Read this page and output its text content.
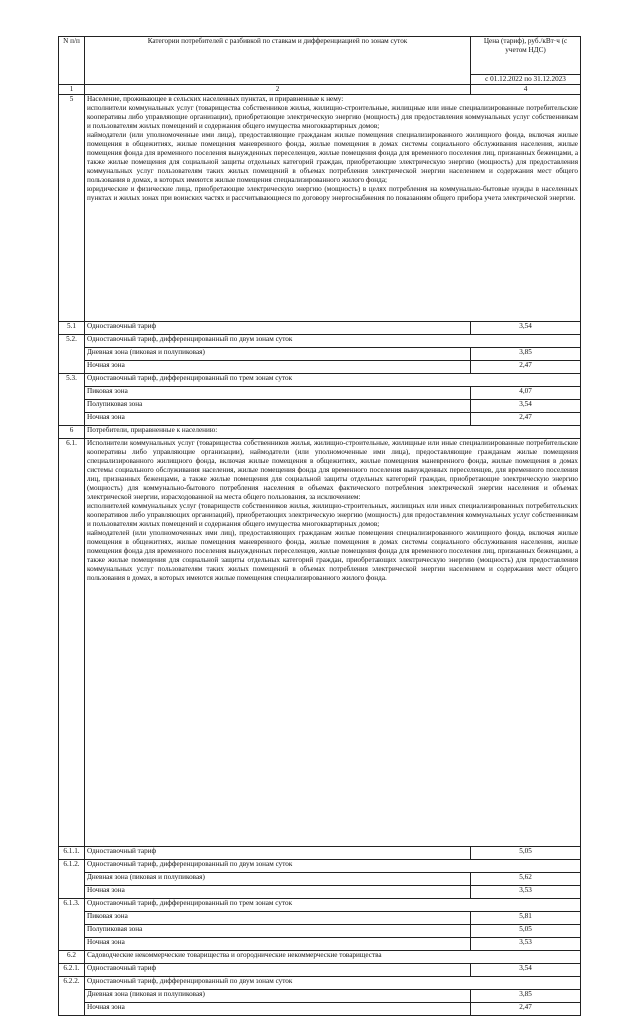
N п/п	Категории потребителей с разбивкой по ставкам и дифференциацией по зонам суток	Цена (тариф), руб./кВт·ч (с учетом НДС)
		с 01.12.2022 по 31.12.2023
1	2	4
5	Население, проживающее в сельских населенных пунктах, и приравненные к нему:
исполнители коммунальных услуг (товарищества собственников жилья, жилищно-строительные, жилищные или иные специализированные потребительские кооперативы либо управляющие организации), приобретающие электрическую энергию (мощность) для предоставления коммунальных услуг собственникам и пользователям жилых помещений и содержания общего имущества многоквартирных домов;
наймодатели (или уполномоченные ими лица), предоставляющие гражданам жилые помещения специализированного жилищного фонда, включая жилые помещения в общежитиях, жилые помещения маневренного фонда, жилые помещения в домах системы социального обслуживания населения, жилые помещения фонда для временного поселения вынужденных переселенцев, жилые помещения фонда для временного поселения лиц, признанных беженцами, а также жилые помещения для социальной защиты отдельных категорий граждан, приобретающие электрическую энергию (мощность) для предоставления коммунальных услуг пользователям таких жилых помещений в объемах потребления электрической энергии населением и содержания мест общего пользования в домах, в которых имеются жилые помещения специализированного жилого фонда;
юридические и физические лица, приобретающие электрическую энергию (мощность) в целях потребления на коммунально-бытовые нужды в населенных пунктах и жилых зонах при воинских частях и рассчитывающиеся по договору энергоснабжения по показаниям общего прибора учета электрической энергии.	
5.1	Одноставочный тариф	3,54
5.2.	Одноставочный тариф, дифференцированный по двум зонам суток	
	Дневная зона (пиковая и полупиковая)	3,85
	Ночная зона	2,47
5.3.	Одноставочный тариф, дифференцированный по трем зонам суток	
	Пиковая зона	4,07
	Полупиковая зона	3,54
	Ночная зона	2,47
6	Потребители, приравненные к населению:	
6.1.	Исполнители коммунальных услуг (товарищества собственников жилья, жилищно-строительные, жилищные или иные специализированные потребительские кооперативы либо управляющие организации), наймодатели (или уполномоченные ими лица), предоставляющие гражданам жилые помещения специализированного жилищного фонда, включая жилые помещения в общежитиях, жилые помещения маневренного фонда, жилые помещения в домах системы социального обслуживания населения, жилые помещения фонда для временного поселения вынужденных переселенцев, для временного поселения лиц, признанных беженцами, а также жилые помещения для социальной защиты отдельных категорий граждан, приобретающие электрическую энергию (мощность) для коммунально-бытового потребления населения в объемах фактического потребления электрической энергии населения и объемах электрической энергии, израсходованной на места общего пользования, за исключением:
исполнителей коммунальных услуг (товариществ собственников жилья, жилищно-строительных, жилищных или иных специализированных потребительских кооперативов либо управляющих организаций), приобретающих электрическую энергию (мощность) для предоставления коммунальных услуг собственникам и пользователям жилых помещений и содержания общего имущества многоквартирных домов;
наймодателей (или уполномоченных ими лиц), предоставляющих гражданам жилые помещения специализированного жилищного фонда, включая жилые помещения в общежитиях, жилые помещения маневренного фонда, жилые помещения в домах системы социального обслуживания населения, жилые помещения фонда для временного поселения вынужденных переселенцев, жилые помещения фонда для временного поселения лиц, признанных беженцами, а также жилые помещения для социальной защиты отдельных категорий граждан, приобретающих электрическую энергию (мощность) для предоставления коммунальных услуг пользователям таких жилых помещений в объемах потребления электрической энергии населением и содержания мест общего пользования в домах, в которых имеются жилые помещения специализированного жилого фонда.	
6.1.1.	Одноставочный тариф	5,05
6.1.2.	Одноставочный тариф, дифференцированный по двум зонам суток	
	Дневная зона (пиковая и полупиковая)	5,62
	Ночная зона	3,53
6.1.3.	Одноставочный тариф, дифференцированный по трем зонам суток	
	Пиковая зона	5,81
	Полупиковая зона	5,05
	Ночная зона	3,53
6.2	Садоводческие некоммерческие товарищества и огороднические некоммерческие товарищества	
6.2.1.	Одноставочный тариф	3,54
6.2.2.	Одноставочный тариф, дифференцированный по двум зонам суток	
	Дневная зона (пиковая и полупиковая)	3,85
	Ночная зона	2,47
